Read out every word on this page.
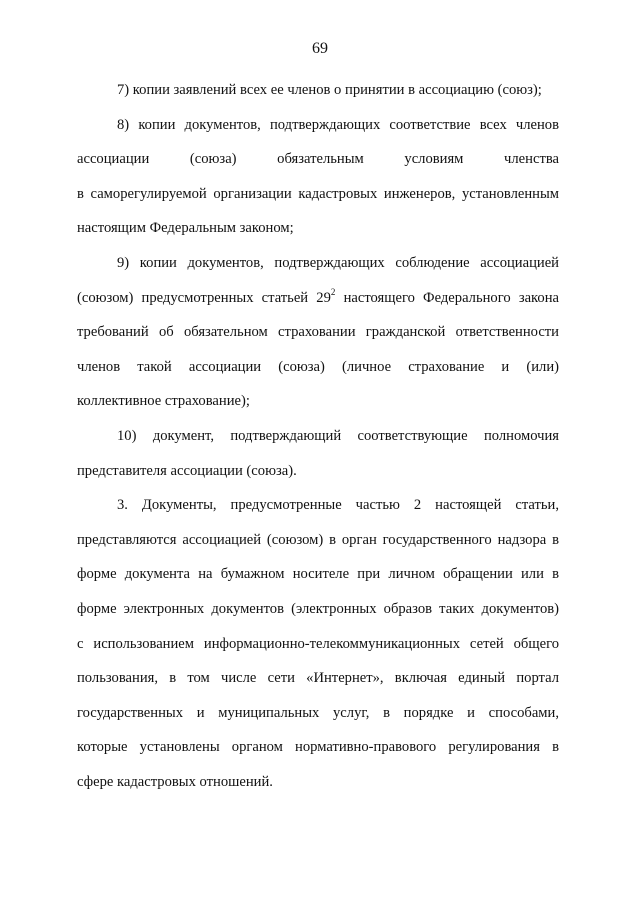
69
7) копии заявлений всех ее членов о принятии в ассоциацию (союз);
8) копии документов, подтверждающих соответствие всех членов
ассоциации (союза) обязательным условиям членства
в саморегулируемой организации кадастровых инженеров, установленным
настоящим Федеральным законом;
9) копии документов, подтверждающих соблюдение ассоциацией
(союзом) предусмотренных статьей $29^2$ настоящего Федерального закона
требований об обязательном страховании гражданской ответственности
членов такой ассоциации (союза) (личное страхование и (или)
коллективное страхование);
10) документ, подтверждающий соответствующие полномочия
представителя ассоциации (союза).
3. Документы, предусмотренные частью 2 настоящей статьи,
представляются ассоциацией (союзом) в орган государственного надзора в
форме документа на бумажном носителе при личном обращении или в
форме электронных документов (электронных образов таких документов)
с использованием информационно-телекоммуникационных сетей общего
пользования, в том числе сети «Интернет», включая единый портал
государственных и муниципальных услуг, в порядке и способами,
которые установлены органом нормативно-правового регулирования в
сфере кадастровых отношений.
